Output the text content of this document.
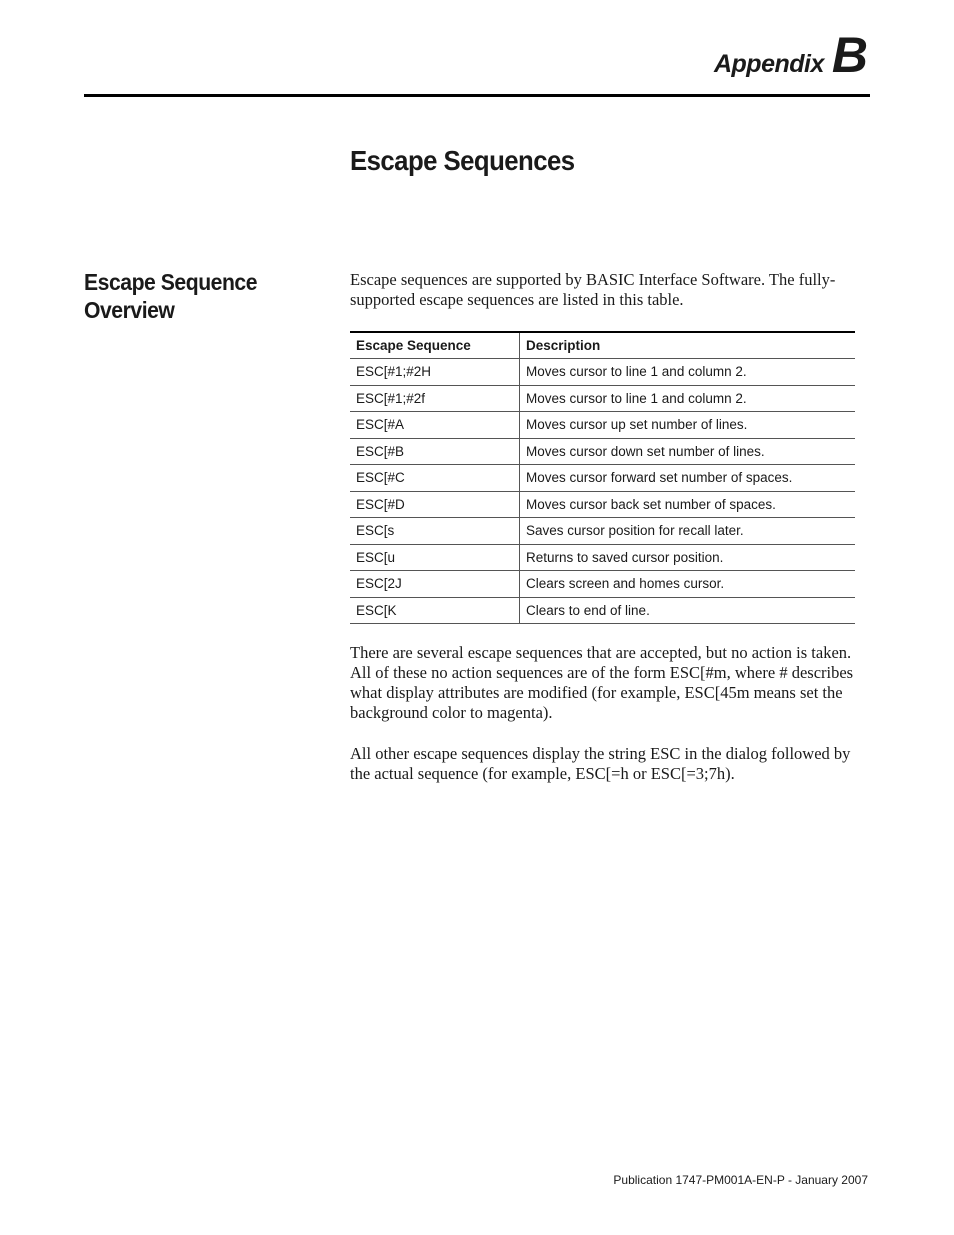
Appendix B
Escape Sequences
Escape Sequence
Overview

Escape sequences are supported by BASIC Interface Software. The fully-supported escape sequences are listed in this table.

Escape Sequence	Description
ESC[#1;#2H	Moves cursor to line 1 and column 2.
ESC[#1;#2f	Moves cursor to line 1 and column 2.
ESC[#A	Moves cursor up set number of lines.
ESC[#B	Moves cursor down set number of lines.
ESC[#C	Moves cursor forward set number of spaces.
ESC[#D	Moves cursor back set number of spaces.
ESC[s	Saves cursor position for recall later.
ESC[u	Returns to saved cursor position.
ESC[2J	Clears screen and homes cursor.
ESC[K	Clears to end of line.

There are several escape sequences that are accepted, but no action is taken. All of these no action sequences are of the form ESC[#m, where # describes what display attributes are modified (for example, ESC[45m means set the background color to magenta).

All other escape sequences display the string ESC in the dialog followed by the actual sequence (for example, ESC[=h or ESC[=3;7h).

Publication 1747-PM001A-EN-P - January 2007
